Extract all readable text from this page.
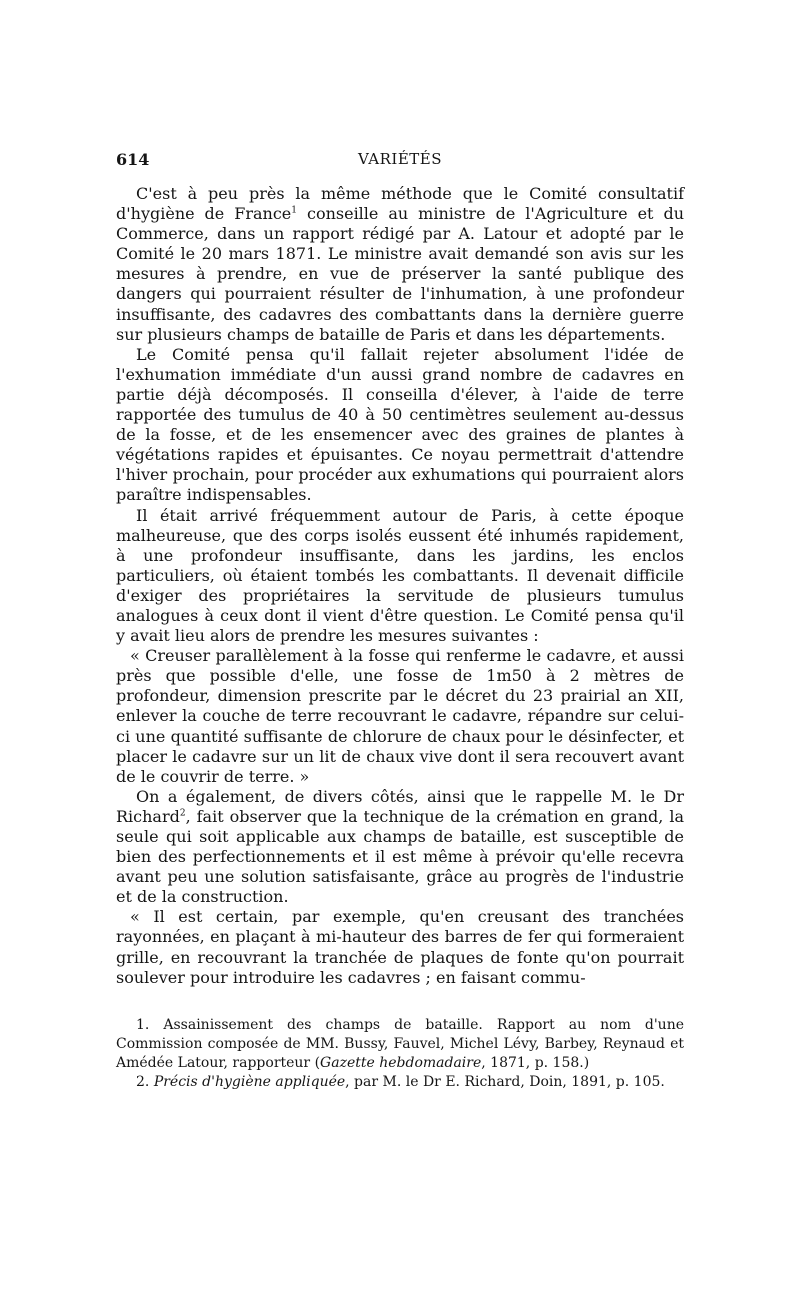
614	VARIÉTÉS

C'est à peu près la même méthode que le Comité consultatif d'hygiène de France$^1$ conseille au ministre de l'Agriculture et du Commerce, dans un rapport rédigé par A. Latour et adopté par le Comité le 20 mars 1871. Le ministre avait demandé son avis sur les mesures à prendre, en vue de préserver la santé publique des dangers qui pourraient résulter de l'inhumation, à une profondeur insuffisante, des cadavres des combattants dans la dernière guerre sur plusieurs champs de bataille de Paris et dans les départements.

Le Comité pensa qu'il fallait rejeter absolument l'idée de l'exhumation immédiate d'un aussi grand nombre de cadavres en partie déjà décomposés. Il conseilla d'élever, à l'aide de terre rapportée des tumulus de 40 à 50 centimètres seulement au-dessus de la fosse, et de les ensemencer avec des graines de plantes à végétations rapides et épuisantes. Ce noyau permettrait d'attendre l'hiver prochain, pour procéder aux exhumations qui pourraient alors paraître indispensables.

Il était arrivé fréquemment autour de Paris, à cette époque malheureuse, que des corps isolés eussent été inhumés rapidement, à une profondeur insuffisante, dans les jardins, les enclos particuliers, où étaient tombés les combattants. Il devenait difficile d'exiger des propriétaires la servitude de plusieurs tumulus analogues à ceux dont il vient d'être question. Le Comité pensa qu'il y avait lieu alors de prendre les mesures suivantes :

« Creuser parallèlement à la fosse qui renferme le cadavre, et aussi près que possible d'elle, une fosse de 1m50 à 2 mètres de profondeur, dimension prescrite par le décret du 23 prairial an XII, enlever la couche de terre recouvrant le cadavre, répandre sur celui-ci une quantité suffisante de chlorure de chaux pour le désinfecter, et placer le cadavre sur un lit de chaux vive dont il sera recouvert avant de le couvrir de terre. »

On a également, de divers côtés, ainsi que le rappelle M. le Dr Richard$^2$, fait observer que la technique de la crémation en grand, la seule qui soit applicable aux champs de bataille, est susceptible de bien des perfectionnements et il est même à prévoir qu'elle recevra avant peu une solution satisfaisante, grâce au progrès de l'industrie et de la construction.

« Il est certain, par exemple, qu'en creusant des tranchées rayonnées, en plaçant à mi-hauteur des barres de fer qui formeraient grille, en recouvrant la tranchée de plaques de fonte qu'on pourrait soulever pour introduire les cadavres ; en faisant commu-

1. Assainissement des champs de bataille. Rapport au nom d'une Commission composée de MM. Bussy, Fauvel, Michel Lévy, Barbey, Reynaud et Amédée Latour, rapporteur (Gazette hebdomadaire, 1871, p. 158.)

2. Précis d'hygiène appliquée, par M. le Dr E. Richard, Doin, 1891, p. 105.
